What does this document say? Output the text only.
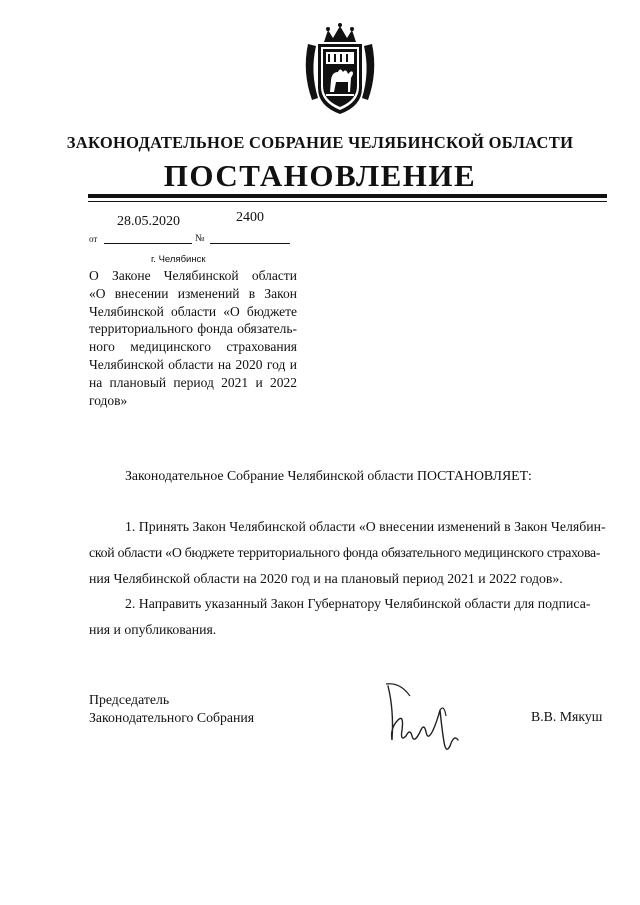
ЗАКОНОДАТЕЛЬНОЕ СОБРАНИЕ ЧЕЛЯБИНСКОЙ ОБЛАСТИ
ПОСТАНОВЛЕНИЕ
28.05.2020	2400
от	№
г. Челябинск
О Законе Челябинской области
«О внесении изменений в Закон
Челябинской области «О бюджете
территориального фонда обязатель-
ного медицинского страхования
Челябинской области на 2020 год и
на плановый период 2021 и 2022
годов»
Законодательное Собрание Челябинской области ПОСТАНОВЛЯЕТ:
1. Принять Закон Челябинской области «О внесении изменений в Закон Челябин-
ской области «О бюджете территориального фонда обязательного медицинского страхова-
ния Челябинской области на 2020 год и на плановый период 2021 и 2022 годов».
2. Направить указанный Закон Губернатору Челябинской области для подписа-
ния и опубликования.
Председатель
Законодательного Собрания	В.В. Мякуш
